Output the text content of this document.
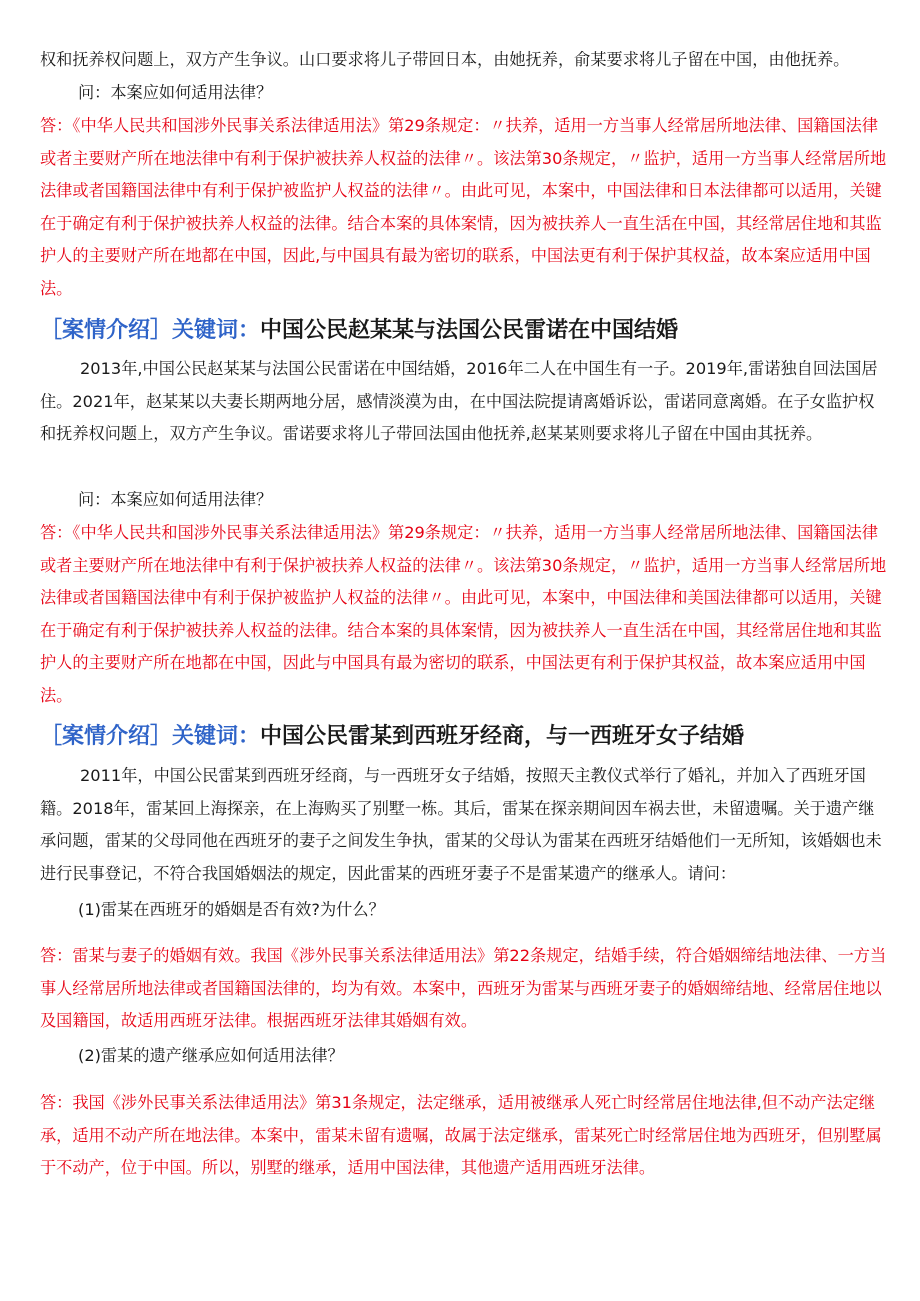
权和抚养权问题上，双方产生争议。山口要求将儿子带回日本，由她抚养，俞某要求将儿子留在中国，由他抚养。

问：本案应如何适用法律？

答：《中华人民共和国涉外民事关系法律适用法》第29条规定：〃扶养，适用一方当事人经常居所地法律、国籍国法律或者主要财产所在地法律中有利于保护被扶养人权益的法律〃。该法第30条规定，〃监护，适用一方当事人经常居所地法律或者国籍国法律中有利于保护被监护人权益的法律〃。由此可见，本案中，中国法律和日本法律都可以适用，关键在于确定有利于保护被扶养人权益的法律。结合本案的具体案情，因为被扶养人一直生活在中国，其经常居住地和其监护人的主要财产所在地都在中国，因此,与中国具有最为密切的联系，中国法更有利于保护其权益，故本案应适用中国法。

［案情介绍］关键词：中国公民赵某某与法国公民雷诺在中国结婚

2013年,中国公民赵某某与法国公民雷诺在中国结婚，2016年二人在中国生有一子。2019年,雷诺独自回法国居住。2021年，赵某某以夫妻长期两地分居，感情淡漠为由，在中国法院提请离婚诉讼，雷诺同意离婚。在子女监护权和抚养权问题上，双方产生争议。雷诺要求将儿子带回法国由他抚养,赵某某则要求将儿子留在中国由其抚养。

问：本案应如何适用法律？

答：《中华人民共和国涉外民事关系法律适用法》第29条规定：〃扶养，适用一方当事人经常居所地法律、国籍国法律或者主要财产所在地法律中有利于保护被扶养人权益的法律〃。该法第30条规定，〃监护，适用一方当事人经常居所地法律或者国籍国法律中有利于保护被监护人权益的法律〃。由此可见，本案中，中国法律和美国法律都可以适用，关键在于确定有利于保护被扶养人权益的法律。结合本案的具体案情，因为被扶养人一直生活在中国，其经常居住地和其监护人的主要财产所在地都在中国，因此与中国具有最为密切的联系，中国法更有利于保护其权益，故本案应适用中国法。

［案情介绍］关键词：中国公民雷某到西班牙经商，与一西班牙女子结婚

2011年，中国公民雷某到西班牙经商，与一西班牙女子结婚，按照天主教仪式举行了婚礼，并加入了西班牙国籍。2018年，雷某回上海探亲，在上海购买了别墅一栋。其后，雷某在探亲期间因车祸去世，未留遗嘱。关于遗产继承问题，雷某的父母同他在西班牙的妻子之间发生争执，雷某的父母认为雷某在西班牙结婚他们一无所知，该婚姻也未进行民事登记，不符合我国婚姻法的规定，因此雷某的西班牙妻子不是雷某遗产的继承人。请问：

(1)雷某在西班牙的婚姻是否有效?为什么？

答：雷某与妻子的婚姻有效。我国《涉外民事关系法律适用法》第22条规定，结婚手续，符合婚姻缔结地法律、一方当事人经常居所地法律或者国籍国法律的，均为有效。本案中，西班牙为雷某与西班牙妻子的婚姻缔结地、经常居住地以及国籍国，故适用西班牙法律。根据西班牙法律其婚姻有效。

(2)雷某的遗产继承应如何适用法律？

答：我国《涉外民事关系法律适用法》第31条规定，法定继承，适用被继承人死亡时经常居住地法律,但不动产法定继承，适用不动产所在地法律。本案中，雷某未留有遗嘱，故属于法定继承，雷某死亡时经常居住地为西班牙，但别墅属于不动产，位于中国。所以，别墅的继承，适用中国法律，其他遗产适用西班牙法律。
